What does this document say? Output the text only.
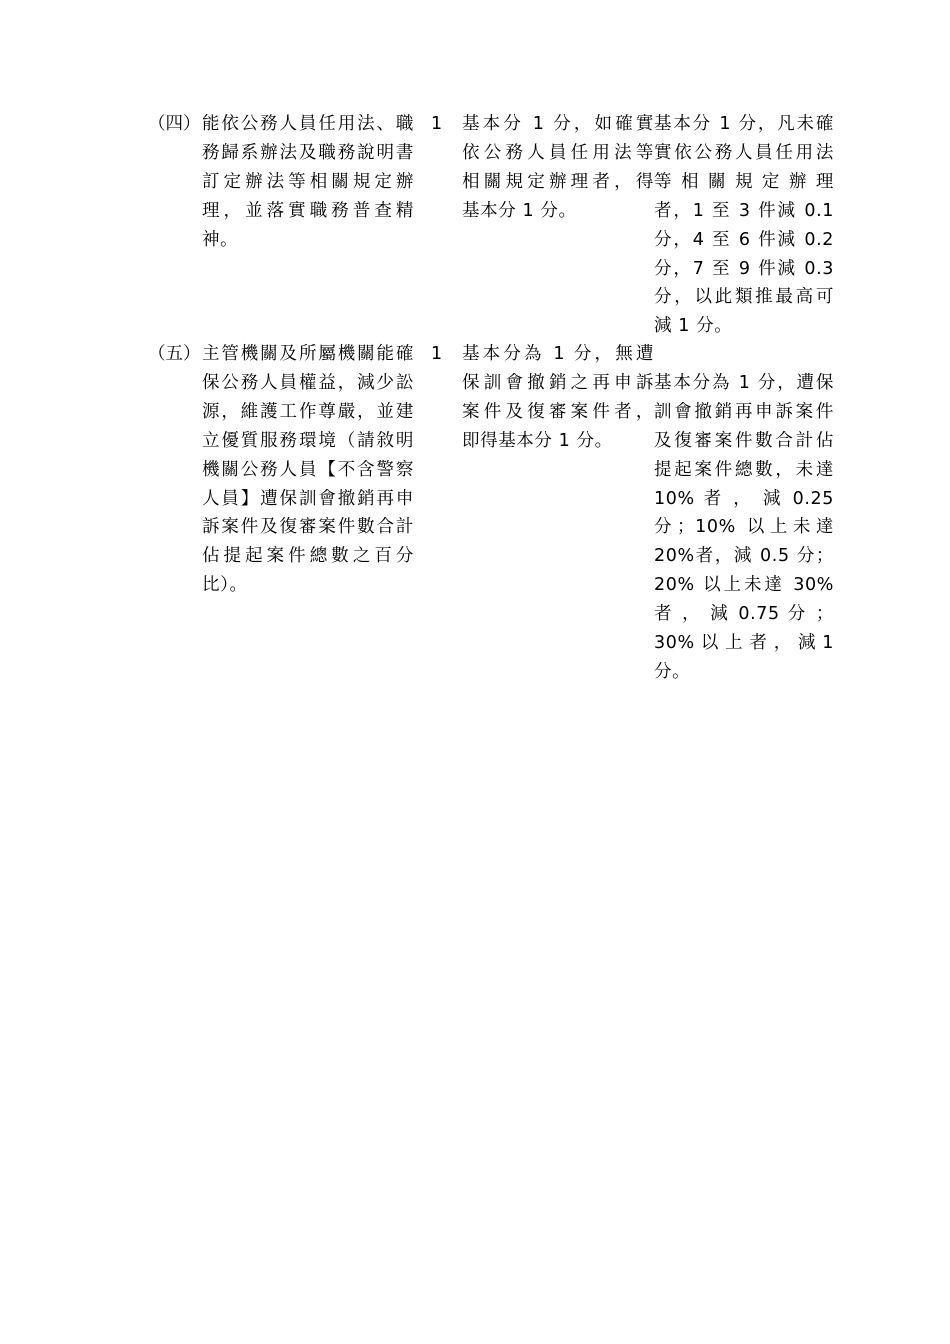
（四） 能依公務人員任用法、職
務歸系辦法及職務說明書
訂定辦法等相關規定辦
理，並落實職務普查精
神。
1 基本分 1 分，如確實
依公務人員任用法等
相關規定辦理者，得
基本分 1 分。
基本分 1 分，凡未確
實依公務人員任用法
等 相 關 規 定 辦 理
者，1 至 3 件減 0.1
分，4 至 6 件減 0.2
分，7 至 9 件減 0.3
分，以此類推最高可
減 1 分。
（五） 主管機關及所屬機關能確
保公務人員權益，減少訟
源，維護工作尊嚴，並建
立優質服務環境（請敘明
機關公務人員【不含警察
人員】遭保訓會撤銷再申
訴案件及復審案件數合計
佔提起案件總數之百分
比）。
1 基本分為 1 分，無遭
保訓會撤銷之再申訴
案件及復審案件者，
即得基本分 1 分。
基本分為 1 分，遭保
訓會撤銷再申訴案件
及復審案件數合計佔
提起案件總數，未達
10% 者 ， 減 0.25
分；10% 以上未達
20%者，減 0.5 分；
20% 以上未達 30%
者 ， 減 0.75 分 ；
30% 以 上 者 ， 減 1
分。
